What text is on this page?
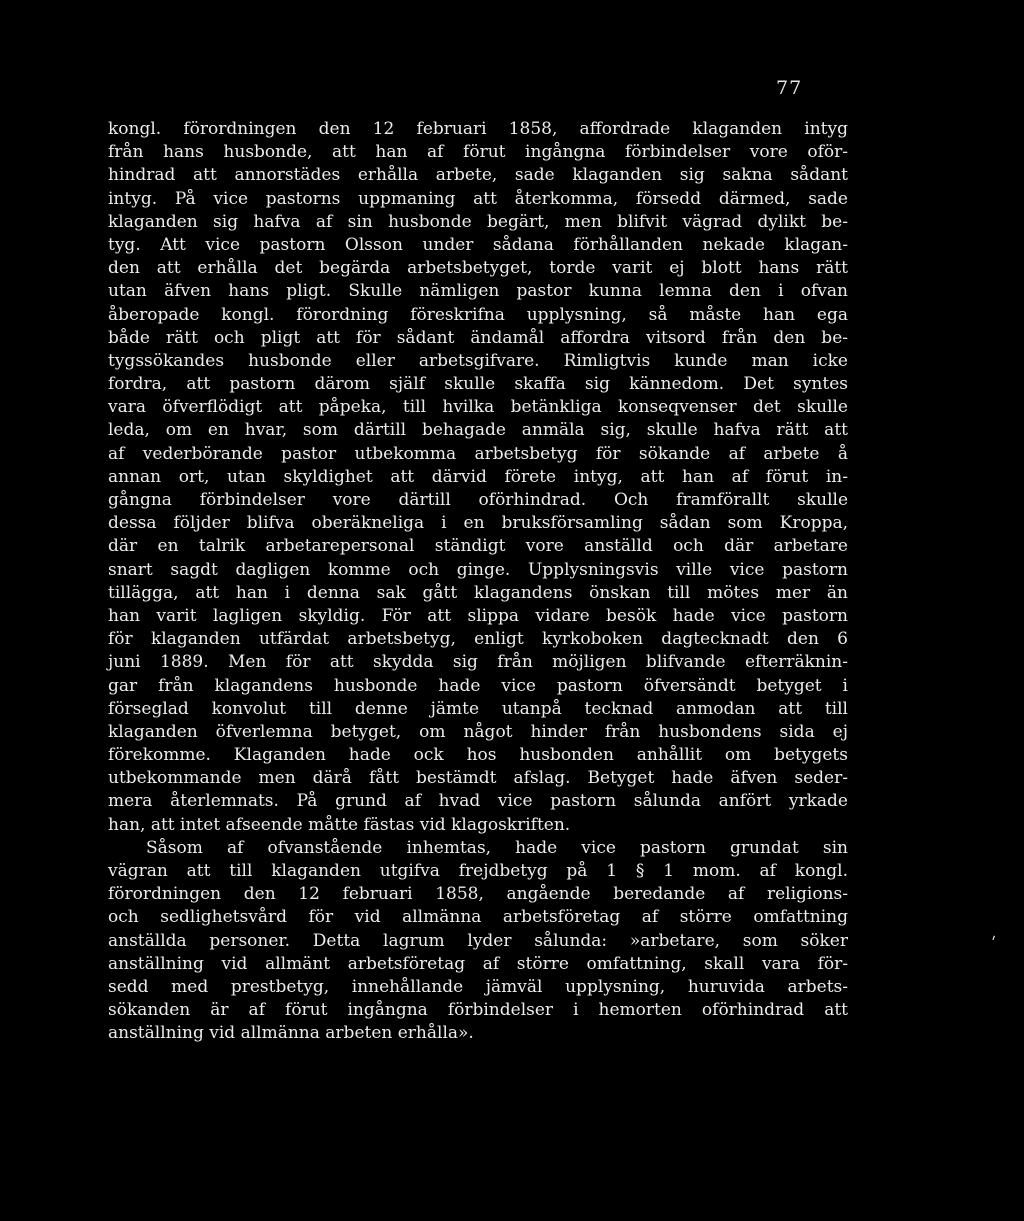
77
kongl. förordningen den 12 februari 1858, affordrade klaganden intyg
från hans husbonde, att han af förut ingångna förbindelser vore oför-
hindrad att annorstädes erhålla arbete, sade klaganden sig sakna sådant
intyg. På vice pastorns uppmaning att återkomma, försedd därmed, sade
klaganden sig hafva af sin husbonde begärt, men blifvit vägrad dylikt be-
tyg. Att vice pastorn Olsson under sådana förhållanden nekade klagan-
den att erhålla det begärda arbetsbetyget, torde varit ej blott hans rätt
utan äfven hans pligt. Skulle nämligen pastor kunna lemna den i ofvan
åberopade kongl. förordning föreskrifna upplysning, så måste han ega
både rätt och pligt att för sådant ändamål affordra vitsord från den be-
tygssökandes husbonde eller arbetsgifvare. Rimligtvis kunde man icke
fordra, att pastorn därom själf skulle skaffa sig kännedom. Det syntes
vara öfverflödigt att påpeka, till hvilka betänkliga konseqvenser det skulle
leda, om en hvar, som därtill behagade anmäla sig, skulle hafva rätt att
af vederbörande pastor utbekomma arbetsbetyg för sökande af arbete å
annan ort, utan skyldighet att därvid förete intyg, att han af förut in-
gångna förbindelser vore därtill oförhindrad. Och framförallt skulle
dessa följder blifva oberäkneliga i en bruksförsamling sådan som Kroppa,
där en talrik arbetarepersonal ständigt vore anställd och där arbetare
snart sagdt dagligen komme och ginge. Upplysningsvis ville vice pastorn
tillägga, att han i denna sak gått klagandens önskan till mötes mer än
han varit lagligen skyldig. För att slippa vidare besök hade vice pastorn
för klaganden utfärdat arbetsbetyg, enligt kyrkoboken dagtecknadt den 6
juni 1889. Men för att skydda sig från möjligen blifvande efterräknin-
gar från klagandens husbonde hade vice pastorn öfversändt betyget i
förseglad konvolut till denne jämte utanpå tecknad anmodan att till
klaganden öfverlemna betyget, om något hinder från husbondens sida ej
förekomme. Klaganden hade ock hos husbonden anhållit om betygets
utbekommande men därå fått bestämdt afslag. Betyget hade äfven seder-
mera återlemnats. På grund af hvad vice pastorn sålunda anfört yrkade
han, att intet afseende måtte fästas vid klagoskriften.
Såsom af ofvanstående inhemtas, hade vice pastorn grundat sin
vägran att till klaganden utgifva frejdbetyg på 1 § 1 mom. af kongl.
förordningen den 12 februari 1858, angående beredande af religions-
och sedlighetsvård för vid allmänna arbetsföretag af större omfattning
anställda personer. Detta lagrum lyder sålunda: »arbetare, som söker
anställning vid allmänt arbetsföretag af större omfattning, skall vara för-
sedd med prestbetyg, innehållande jämväl upplysning, huruvida arbets-
sökanden är af förut ingångna förbindelser i hemorten oförhindrad att
anställning vid allmänna arbeten erhålla».
'
